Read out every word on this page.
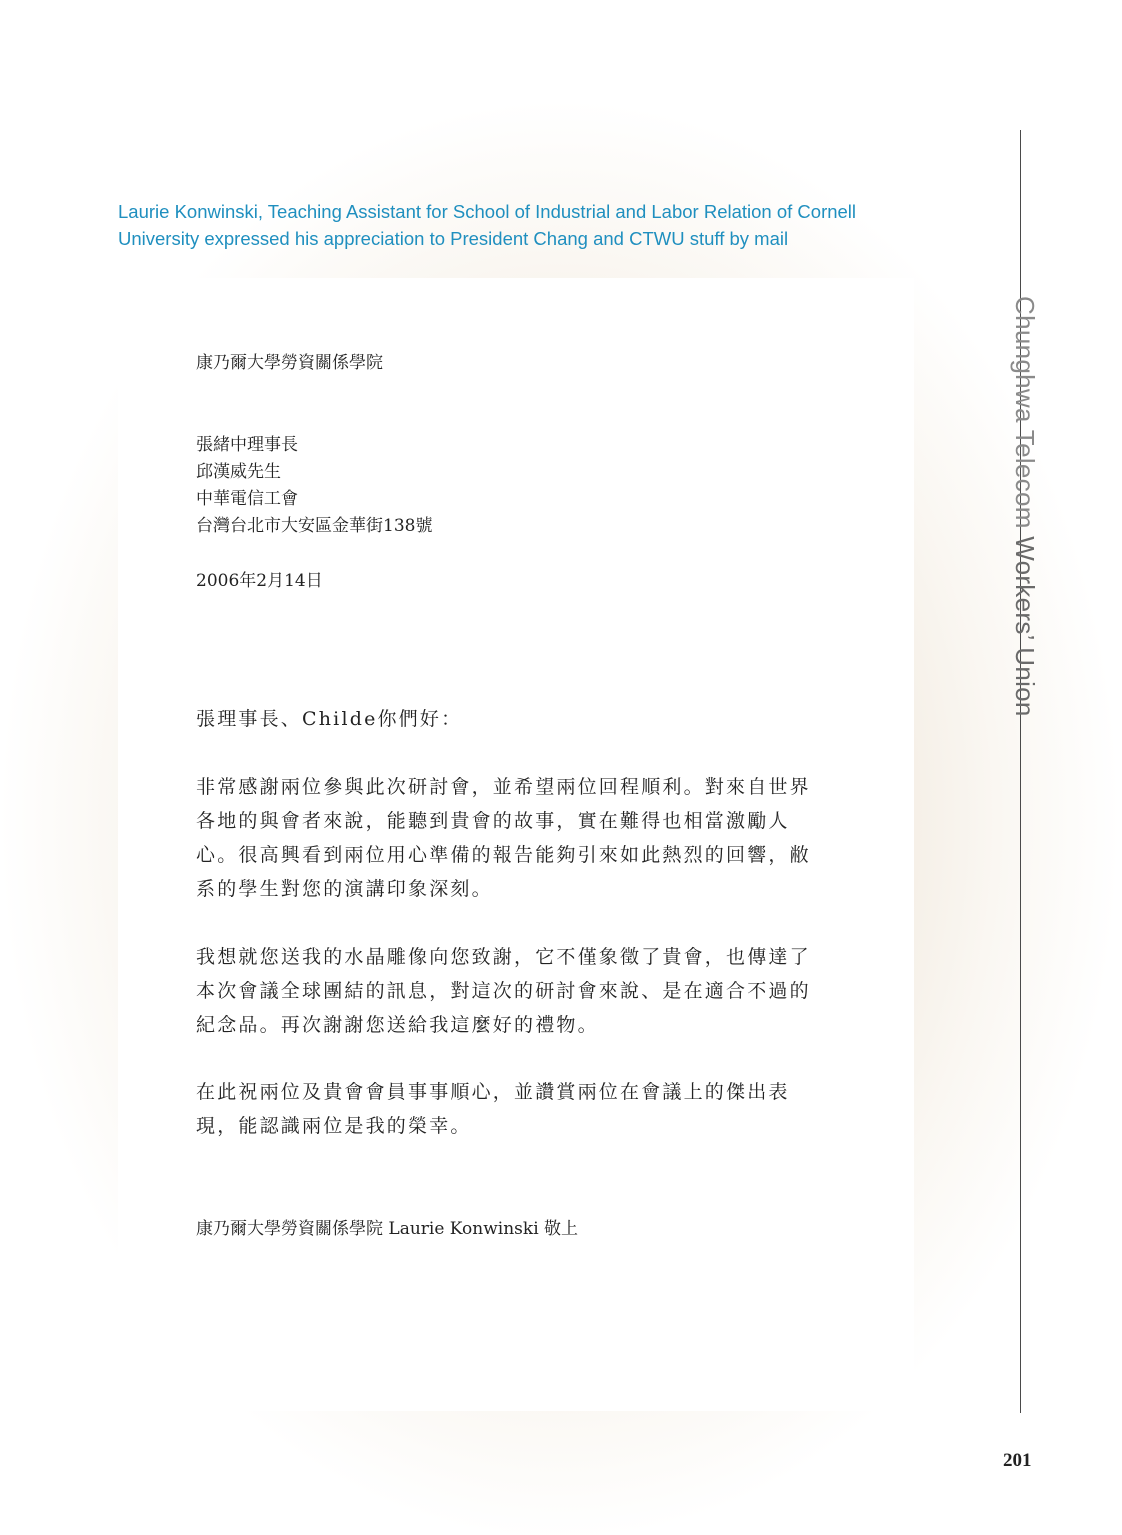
Laurie Konwinski, Teaching Assistant for School of Industrial and Labor Relation of Cornell
University expressed his appreciation to President Chang and CTWU stuff by mail
康乃爾大學勞資關係學院
張緒中理事長
邱漢威先生
中華電信工會
台灣台北市大安區金華街138號
2006年2月14日
張理事長、Childe你們好：
非常感謝兩位參與此次研討會，並希望兩位回程順利。對來自世界
各地的與會者來說，能聽到貴會的故事，實在難得也相當激勵人
心。很高興看到兩位用心準備的報告能夠引來如此熱烈的回響，敝
系的學生對您的演講印象深刻。
我想就您送我的水晶雕像向您致謝，它不僅象徵了貴會，也傳達了
本次會議全球團結的訊息，對這次的研討會來說、是在適合不過的
紀念品。再次謝謝您送給我這麼好的禮物。
在此祝兩位及貴會會員事事順心，並讚賞兩位在會議上的傑出表
現，能認識兩位是我的榮幸。
康乃爾大學勞資關係學院 Laurie Konwinski 敬上
Chunghwa Telecom Workers’ Union
201
